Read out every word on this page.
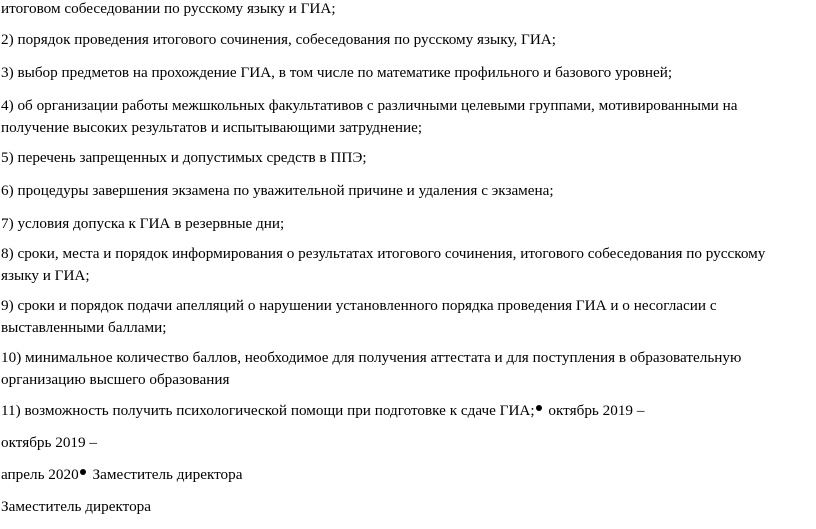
итоговом собеседовании по русскому языку и ГИА;
2) порядок проведения итогового сочинения, собеседования по русскому языку, ГИА;
3) выбор предметов на прохождение ГИА, в том числе по математике профильного и базового уровней;
4) об организации работы межшкольных факультативов с различными целевыми группами, мотивированными на
получение высоких результатов и испытывающими затруднение;
5) перечень запрещенных и допустимых средств в ППЭ;
6) процедуры завершения экзамена по уважительной причине и удаления с экзамена;
7) условия допуска к ГИА в резервные дни;
8) сроки, места и порядок информирования о результатах итогового сочинения, итогового собеседования по русскому
языку и ГИА;
9) сроки и порядок подачи апелляций о нарушении установленного порядка проведения ГИА и о несогласии с
выставленными баллами;
10) минимальное количество баллов, необходимое для получения аттестата и для поступления в образовательную
организацию высшего образования
11) возможность получить психологической помощи при подготовке к сдаче ГИА; октябрь 2019 –
октябрь 2019 –
апрель 2020 Заместитель директора
Заместитель директора
